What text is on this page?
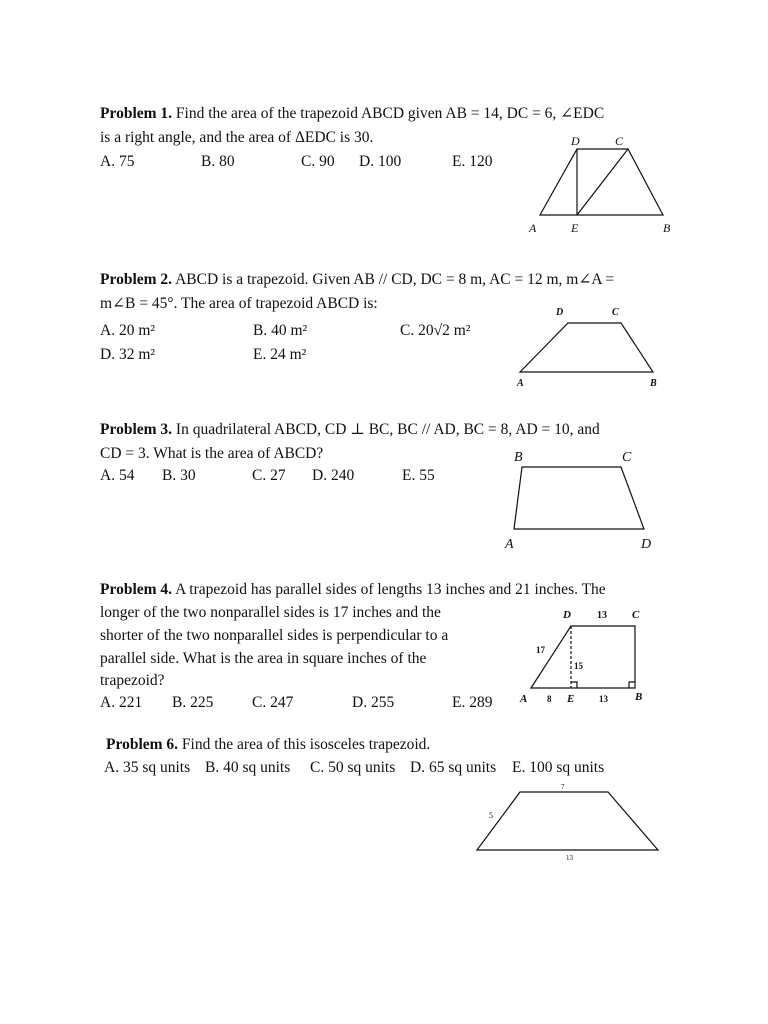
Problem 1. Find the area of the trapezoid ABCD given AB = 14, DC = 6, ∠EDC
is a right angle, and the area of ΔEDC is 30.
A. 75	B. 80	C. 90 D. 100	E. 120
D	C
A	E	B
Problem 2. ABCD is a trapezoid. Given AB // CD, DC = 8 m, AC = 12 m, m∠A =
m∠B = 45°. The area of trapezoid ABCD is:
A. 20 m²	B. 40 m²	C. 20√2 m²
D. 32 m²	E. 24 m²
D	C
A	B
Problem 3. In quadrilateral ABCD, CD ⊥ BC, BC // AD, BC = 8, AD = 10, and
CD = 3. What is the area of ABCD?
A. 54 B. 30	C. 27 D. 240	E. 55
B	C
A	D
Problem 4. A trapezoid has parallel sides of lengths 13 inches and 21 inches. The
longer of the two nonparallel sides is 17 inches and the
shorter of the two nonparallel sides is perpendicular to a
parallel side. What is the area in square inches of the
trapezoid?
A. 221 B. 225 C. 247	D. 255	E. 289
D	13 C
17
15
A 8 E	13 B
Problem 6. Find the area of this isosceles trapezoid.
A. 35 sq units B. 40 sq units C. 50 sq units D. 65 sq units E. 100 sq units
7
5
13
